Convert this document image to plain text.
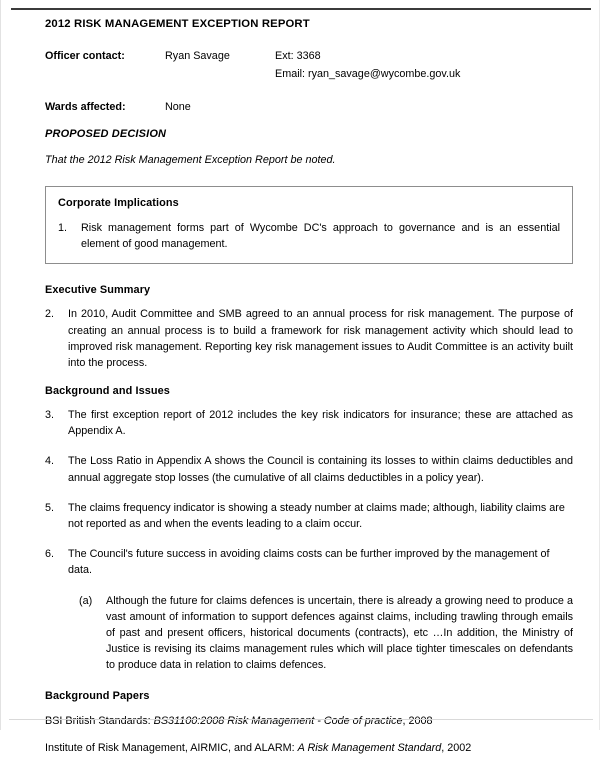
2012 RISK MANAGEMENT EXCEPTION REPORT
Officer contact:	Ryan Savage	Ext: 3368
Email: ryan_savage@wycombe.gov.uk
Wards affected:	None
PROPOSED DECISION

That the 2012 Risk Management Exception Report be noted.

Corporate Implications
1.	Risk management forms part of Wycombe DC's approach to governance and is an essential element of good management.
Executive Summary
2.	In 2010, Audit Committee and SMB agreed to an annual process for risk management. The purpose of creating an annual process is to build a framework for risk management activity which should lead to improved risk management. Reporting key risk management issues to Audit Committee is an activity built into the process.
Background and Issues
3.	The first exception report of 2012 includes the key risk indicators for insurance; these are attached as Appendix A.
4.	The Loss Ratio in Appendix A shows the Council is containing its losses to within claims deductibles and annual aggregate stop losses (the cumulative of all claims deductibles in a policy year).
5.	The claims frequency indicator is showing a steady number at claims made; although, liability claims are not reported as and when the events leading to a claim occur.
6.	The Council's future success in avoiding claims costs can be further improved by the management of data.
(a)	Although the future for claims defences is uncertain, there is already a growing need to produce a vast amount of information to support defences against claims, including trawling through emails of past and present officers, historical documents (contracts), etc …In addition, the Ministry of Justice is revising its claims management rules which will place tighter timescales on defendants to produce data in relation to claims defences.
Background Papers
BSI British Standards: BS31100:2008 Risk Management - Code of practice, 2008
Institute of Risk Management, AIRMIC, and ALARM: A Risk Management Standard, 2002
